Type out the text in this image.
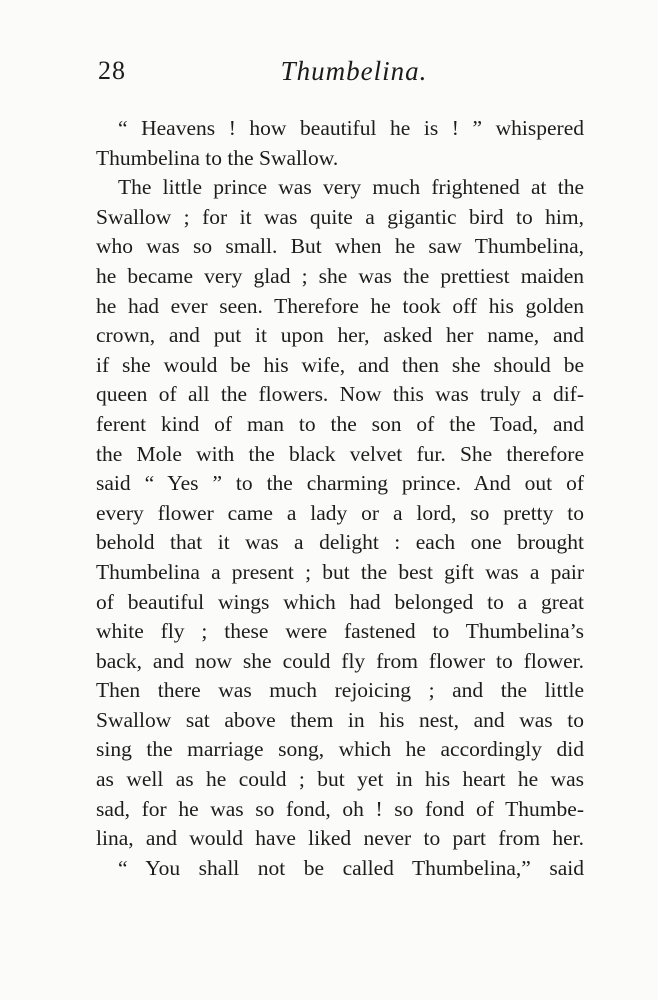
28	Thumbelina.
“ Heavens ! how beautiful he is ! ” whispered
Thumbelina to the Swallow.
The little prince was very much frightened at the
Swallow ; for it was quite a gigantic bird to him,
who was so small. But when he saw Thumbelina,
he became very glad ; she was the prettiest maiden
he had ever seen. Therefore he took off his golden
crown, and put it upon her, asked her name, and
if she would be his wife, and then she should be
queen of all the flowers. Now this was truly a dif-
ferent kind of man to the son of the Toad, and
the Mole with the black velvet fur. She therefore
said “ Yes ” to the charming prince. And out of
every flower came a lady or a lord, so pretty to
behold that it was a delight : each one brought
Thumbelina a present ; but the best gift was a pair
of beautiful wings which had belonged to a great
white fly ; these were fastened to Thumbelina’s
back, and now she could fly from flower to flower.
Then there was much rejoicing ; and the little
Swallow sat above them in his nest, and was to
sing the marriage song, which he accordingly did
as well as he could ; but yet in his heart he was
sad, for he was so fond, oh ! so fond of Thumbe-
lina, and would have liked never to part from her.
“ You shall not be called Thumbelina,” said
